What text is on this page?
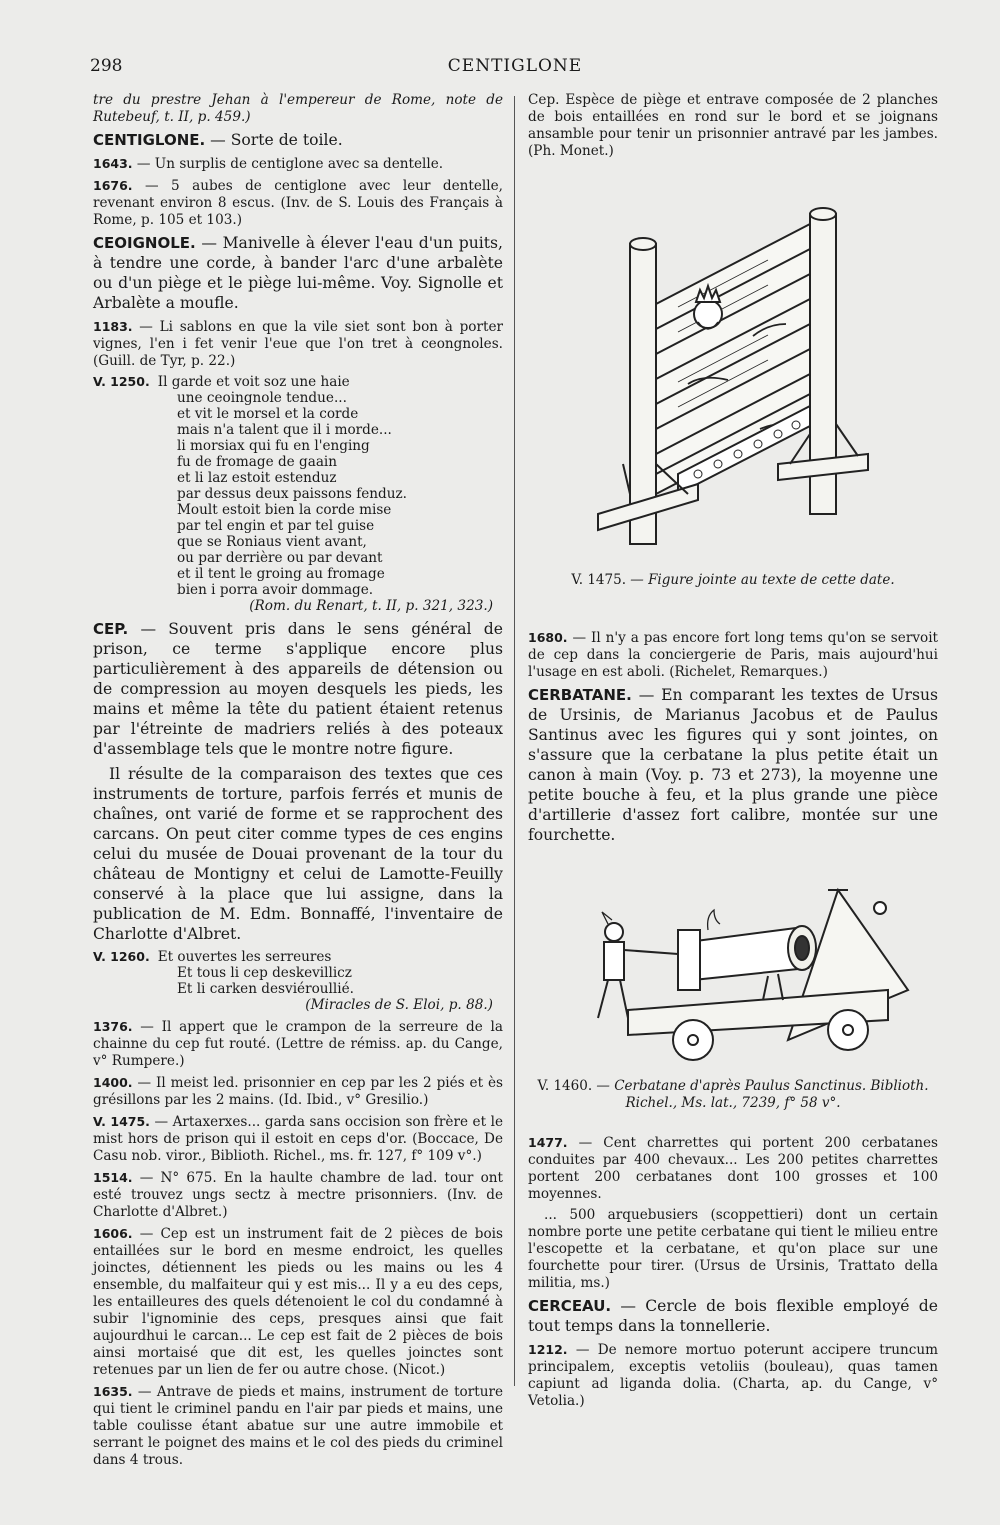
298	CENTIGLONE

tre du prestre Jehan à l'empereur de Rome, note de Rutebeuf, t. II, p. 459.)

CENTIGLONE. — Sorte de toile.

1643. — Un surplis de centiglone avec sa dentelle.

1676. — 5 aubes de centiglone avec leur dentelle, revenant environ 8 escus. (Inv. de S. Louis des Français à Rome, p. 105 et 103.)

CEOIGNOLE. — Manivelle à élever l'eau d'un puits, à tendre une corde, à bander l'arc d'une arbalète ou d'un piège et le piège lui-même. Voy. Signolle et Arbalète a moufle.

1183. — Li sablons en que la vile siet sont bon à porter vignes, l'en i fet venir l'eue que l'on tret à ceongnoles. (Guill. de Tyr, p. 22.)

V. 1250. Il garde et voit soz une haie
une ceoingnole tendue...
et vit le morsel et la corde
mais n'a talent que il i morde...
li morsiax qui fu en l'enging
fu de fromage de gaain
et li laz estoit estenduz
par dessus deux paissons fenduz.
Moult estoit bien la corde mise
par tel engin et par tel guise
que se Roniaus vient avant,
ou par derrière ou par devant
et il tent le groing au fromage
bien i porra avoir dommage.
(Rom. du Renart, t. II, p. 321, 323.)

CEP. — Souvent pris dans le sens général de prison, ce terme s'applique encore plus particulièrement à des appareils de détension ou de compression au moyen desquels les pieds, les mains et même la tête du patient étaient retenus par l'étreinte de madriers reliés à des poteaux d'assemblage tels que le montre notre figure.

Il résulte de la comparaison des textes que ces instruments de torture, parfois ferrés et munis de chaînes, ont varié de forme et se rapprochent des carcans. On peut citer comme types de ces engins celui du musée de Douai provenant de la tour du château de Montigny et celui de Lamotte-Feuilly conservé à la place que lui assigne, dans la publication de M. Edm. Bonnaffé, l'inventaire de Charlotte d'Albret.

V. 1260. Et ouvertes les serreures
Et tous li cep deskevillicz
Et li carken desviéroullié.
(Miracles de S. Eloi, p. 88.)

1376. — Il appert que le crampon de la serreure de la chainne du cep fut routé. (Lettre de rémiss. ap. du Cange, v° Rumpere.)

1400. — Il meist led. prisonnier en cep par les 2 piés et ès grésillons par les 2 mains. (Id. Ibid., v° Gresilio.)

V. 1475. — Artaxerxes... garda sans occision son frère et le mist hors de prison qui il estoit en ceps d'or. (Boccace, De Casu nob. viror., Biblioth. Richel., ms. fr. 127, f° 109 v°.)

1514. — N° 675. En la haulte chambre de lad. tour ont esté trouvez ungs sectz à mectre prisonniers. (Inv. de Charlotte d'Albret.)

1606. — Cep est un instrument fait de 2 pièces de bois entaillées sur le bord en mesme endroict, les quelles joinctes, détiennent les pieds ou les mains ou les 4 ensemble, du malfaiteur qui y est mis... Il y a eu des ceps, les entailleures des quels détenoient le col du condamné à subir l'ignominie des ceps, presques ainsi que fait aujourdhui le carcan... Le cep est fait de 2 pièces de bois ainsi mortaisé que dit est, les quelles joinctes sont retenues par un lien de fer ou autre chose. (Nicot.)

1635. — Antrave de pieds et mains, instrument de torture qui tient le criminel pandu en l'air par pieds et mains, une table coulisse étant abatue sur une autre immobile et serrant le poignet des mains et le col des pieds du criminel dans 4 trous.

Cep. Espèce de piège et entrave composée de 2 planches de bois entaillées en rond sur le bord et se joignans ansamble pour tenir un prisonnier antravé par les jambes. (Ph. Monet.)

V. 1475. — Figure jointe au texte de cette date.

1680. — Il n'y a pas encore fort long tems qu'on se servoit de cep dans la conciergerie de Paris, mais aujourd'hui l'usage en est aboli. (Richelet, Remarques.)

CERBATANE. — En comparant les textes de Ursus de Ursinis, de Marianus Jacobus et de Paulus Santinus avec les figures qui y sont jointes, on s'assure que la cerbatane la plus petite était un canon à main (Voy. p. 73 et 273), la moyenne une petite bouche à feu, et la plus grande une pièce d'artillerie d'assez fort calibre, montée sur une fourchette.

V. 1460. — Cerbatane d'après Paulus Sanctinus. Biblioth. Richel., Ms. lat., 7239, f° 58 v°.

1477. — Cent charrettes qui portent 200 cerbatanes conduites par 400 chevaux... Les 200 petites charrettes portent 200 cerbatanes dont 100 grosses et 100 moyennes.

... 500 arquebusiers (scoppettieri) dont un certain nombre porte une petite cerbatane qui tient le milieu entre l'escopette et la cerbatane, et qu'on place sur une fourchette pour tirer. (Ursus de Ursinis, Trattato della militia, ms.)

CERCEAU. — Cercle de bois flexible employé de tout temps dans la tonnellerie.

1212. — De nemore mortuo poterunt accipere truncum principalem, exceptis vetoliis (bouleau), quas tamen capiunt ad liganda dolia. (Charta, ap. du Cange, v° Vetolia.)
